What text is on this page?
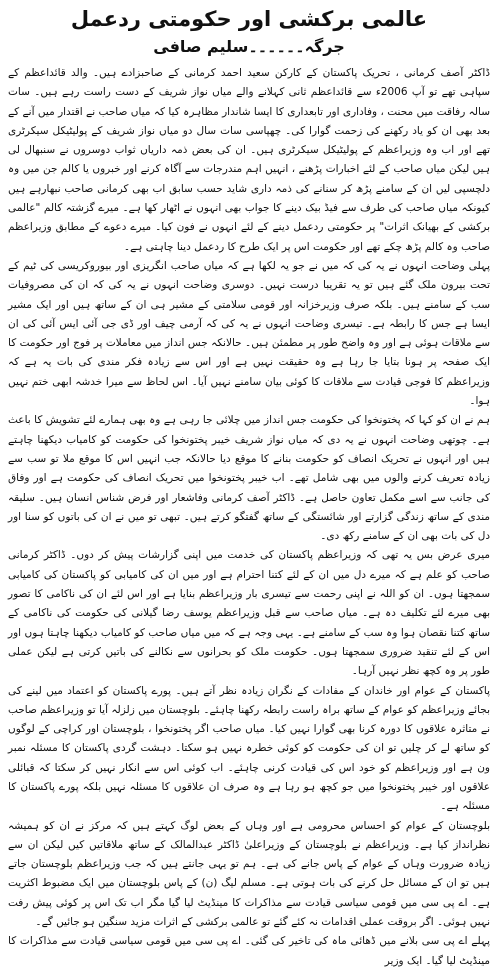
عالمی برکشی اور حکومتی ردعمل
جرگہ۔۔۔۔۔۔سلیم صافی

ڈاکٹر آصف کرمانی ، تحریک پاکستان کے کارکن سعید احمد کرمانی کے صاحبزادے ہیں۔ والد قائداعظم کے سپاہی تھے تو آپ 2006ء سے قائداعظم ثانی کہلانے والے میاں نواز شریف کے دست راست رہے ہیں۔ سات سالہ رفاقت میں محنت ، وفاداری اور تابعداری کا ایسا شاندار مظاہرہ کیا کہ میاں صاحب نے اقتدار میں آنے کے بعد بھی ان کو یاد رکھنے کی زحمت گوارا کی۔ چھپاسی سات سال دو میاں نواز شریف کے پولیٹیکل سیکرٹری تھے اور اب وہ وزیراعظم کے پولیٹیکل سیکرٹری ہیں۔ ان کی بعض ذمہ داریاں ثواب دوسروں نے سنبھال لی ہیں لیکن میاں صاحب کے لئے اخبارات پڑھنے ، انہیں اہم مندرجات سے آگاہ کرنے اور خبروں یا کالم جن میں وہ دلچسپی لیں ان کے سامنے پڑھ کر سنانے کی ذمہ داری شاید حسب سابق اب بھی کرمانی صاحب نبھارہے ہیں کیونکہ میاں صاحب کی طرف سے فیڈ بیک دینے کا جواب بھی انہوں نے اٹھار کھا ہے۔ میرے گزشتہ کالم "عالمی برکشی کے بھیانک اثرات" پر حکومتی ردعمل دینے کے لئے انہوں نے فون کیا۔ میرے دعوے کے مطابق وزیراعظم صاحب وہ کالم پڑھ چکے تھے اور حکومت اس پر ایک طرح کا ردعمل دینا چاہتی ہے۔

پہلی وضاحت انہوں نے یہ کی کہ میں نے جو یہ لکھا ہے کہ میاں صاحب انگریزی اور بیوروکریسی کی ٹیم کے تحت بیرون ملک گئے ہیں تو یہ تقریبا درست نہیں۔ دوسری وضاحت انہوں نے یہ کی کہ ان کی مصروفیات سب کے سامنے ہیں۔ بلکہ صرف وزیرخزانہ اور قومی سلامتی کے مشیر ہی ان کے ساتھ ہیں اور ایک مشیر ایسا ہے جس کا رابطہ ہے۔ تیسری وضاحت انہوں نے یہ کی کہ آرمی چیف اور ڈی جی آئی ایس آئی کی ان سے ملاقات ہوئی ہے اور وہ واضح طور پر مطمئن ہیں۔ حالانکہ جس انداز میں معاملات پر فوج اور حکومت کا ایک صفحہ پر ہونا بتایا جا رہا ہے وہ حقیقت نہیں ہے اور اس سے زیادہ فکر مندی کی بات یہ ہے کہ وزیراعظم کا فوجی قیادت سے ملاقات کا کوئی بیان سامنے نہیں آیا۔ اس لحاظ سے میرا خدشہ ابھی ختم نہیں ہوا۔

ہم نے ان کو کہا کہ پختونخوا کی حکومت جس انداز میں چلائی جا رہی ہے وہ بھی ہمارے لئے تشویش کا باعث ہے۔ چوتھی وضاحت انہوں نے یہ دی کہ میاں نواز شریف خیبر پختونخوا کی حکومت کو کامیاب دیکھنا چاہتے ہیں اور انہوں نے تحریک انصاف کو حکومت بنانے کا موقع دیا حالانکہ جب انہیں اس کا موقع ملا تو سب سے زیادہ تعریف کرنے والوں میں بھی شامل تھے۔ اب خیبر پختونخوا میں تحریک انصاف کی حکومت ہے اور وفاق کی جانب سے اسے مکمل تعاون حاصل ہے۔ ڈاکٹر آصف کرمانی وفاشعار اور فرض شناس انسان ہیں۔ سلیقہ مندی کے ساتھ زندگی گزارتے اور شائستگی کے ساتھ گفتگو کرتے ہیں۔ تبھی تو میں نے ان کی باتوں کو سنا اور دل کی بات بھی ان کے سامنے رکھ دی۔

میری عرض بس یہ تھی کہ وزیراعظم پاکستان کی خدمت میں اپنی گزارشات پیش کر دوں۔ ڈاکٹر کرمانی صاحب کو علم ہے کہ میرے دل میں ان کے لئے کتنا احترام ہے اور میں ان کی کامیابی کو پاکستان کی کامیابی سمجھتا ہوں۔ ان کو اللہ نے اپنی رحمت سے تیسری بار وزیراعظم بنایا ہے اور اس لئے ان کی ناکامی کا تصور بھی میرے لئے تکلیف دہ ہے۔ میاں صاحب سے قبل وزیراعظم یوسف رضا گیلانی کی حکومت کی ناکامی کے ساتھ کتنا نقصان ہوا وہ سب کے سامنے ہے۔ یہی وجہ ہے کہ میں میاں صاحب کو کامیاب دیکھنا چاہتا ہوں اور اس کے لئے تنقید ضروری سمجھتا ہوں۔ حکومت ملک کو بحرانوں سے نکالنے کی باتیں کرتی ہے لیکن عملی طور پر وہ کچھ نظر نہیں آرہا۔

پاکستان کے عوام اور خاندان کے مفادات کے نگران زیادہ نظر آتے ہیں۔ پورے پاکستان کو اعتماد میں لینے کی بجائے وزیراعظم کو عوام کے ساتھ براہ راست رابطہ رکھنا چاہئے۔ بلوچستان میں زلزلہ آیا تو وزیراعظم صاحب نے متاثرہ علاقوں کا دورہ کرنا بھی گوارا نہیں کیا۔ میاں صاحب اگر پختونخوا ، بلوچستان اور کراچی کے لوگوں کو ساتھ لے کر چلیں تو ان کی حکومت کو کوئی خطرہ نہیں ہو سکتا۔ دہشت گردی پاکستان کا مسئلہ نمبر ون ہے اور وزیراعظم کو خود اس کی قیادت کرنی چاہئے۔ اب کوئی اس سے انکار نہیں کر سکتا کہ قبائلی علاقوں اور خیبر پختونخوا میں جو کچھ ہو رہا ہے وہ صرف ان علاقوں کا مسئلہ نہیں بلکہ پورے پاکستان کا مسئلہ ہے۔

بلوچستان کے عوام کو احساس محرومی ہے اور وہاں کے بعض لوگ کہتے ہیں کہ مرکز نے ان کو ہمیشہ نظرانداز کیا ہے۔ وزیراعظم نے بلوچستان کے وزیراعلیٰ ڈاکٹر عبدالمالک کے ساتھ ملاقاتیں کیں لیکن ان سے زیادہ ضرورت وہاں کے عوام کے پاس جانے کی ہے۔ ہم تو یہی جانتے ہیں کہ جب وزیراعظم بلوچستان جاتے ہیں تو ان کے مسائل حل کرنے کی بات ہوتی ہے۔ مسلم لیگ (ن) کے پاس بلوچستان میں ایک مضبوط اکثریت ہے۔ اے پی سی میں قومی سیاسی قیادت سے مذاکرات کا مینڈیٹ لیا گیا مگر اب تک اس پر کوئی پیش رفت نہیں ہوئی۔ اگر بروقت عملی اقدامات نہ کئے گئے تو عالمی برکشی کے اثرات مزید سنگین ہو جائیں گے۔

پہلے اے پی سی بلانے میں ڈھائی ماہ کی تاخیر کی گئی۔ اے پی سی میں قومی سیاسی قیادت سے مذاکرات کا مینڈیٹ لیا گیا۔ ایک وزیر
